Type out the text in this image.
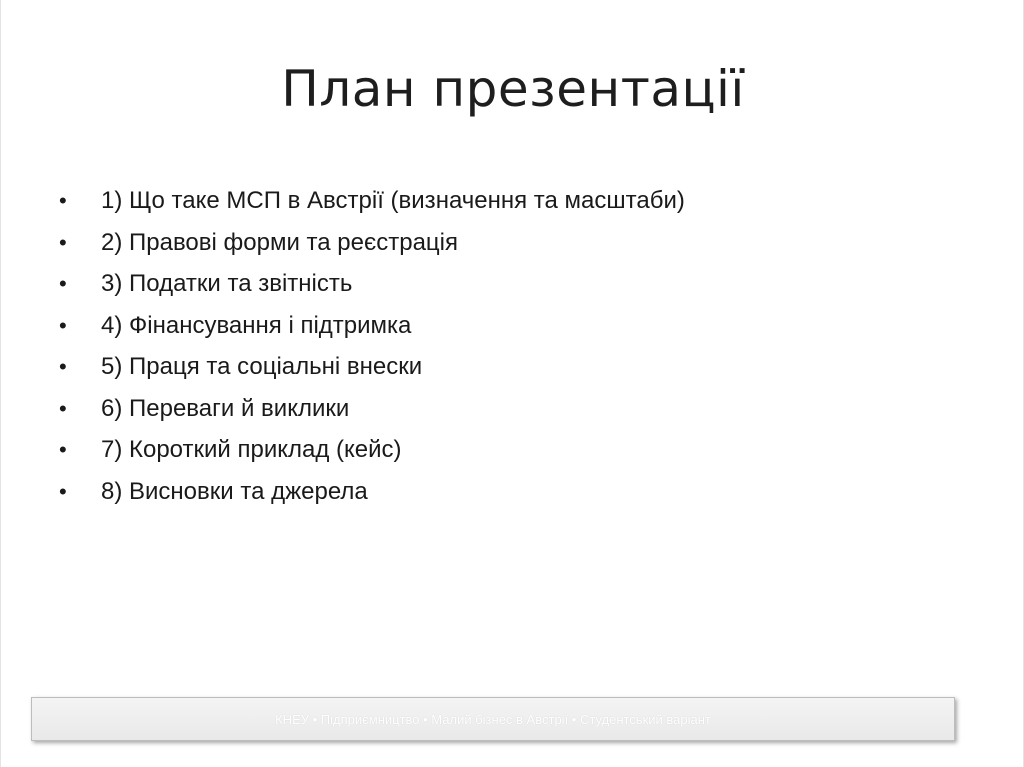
План презентації
•	1) Що таке МСП в Австрії (визначення та масштаби)
•	2) Правові форми та реєстрація
•	3) Податки та звітність
•	4) Фінансування і підтримка
•	5) Праця та соціальні внески
•	6) Переваги й виклики
•	7) Короткий приклад (кейс)
•	8) Висновки та джерела
КНЕУ • Підприємництво • Малий бізнес в Австрії • Студентський варіант
